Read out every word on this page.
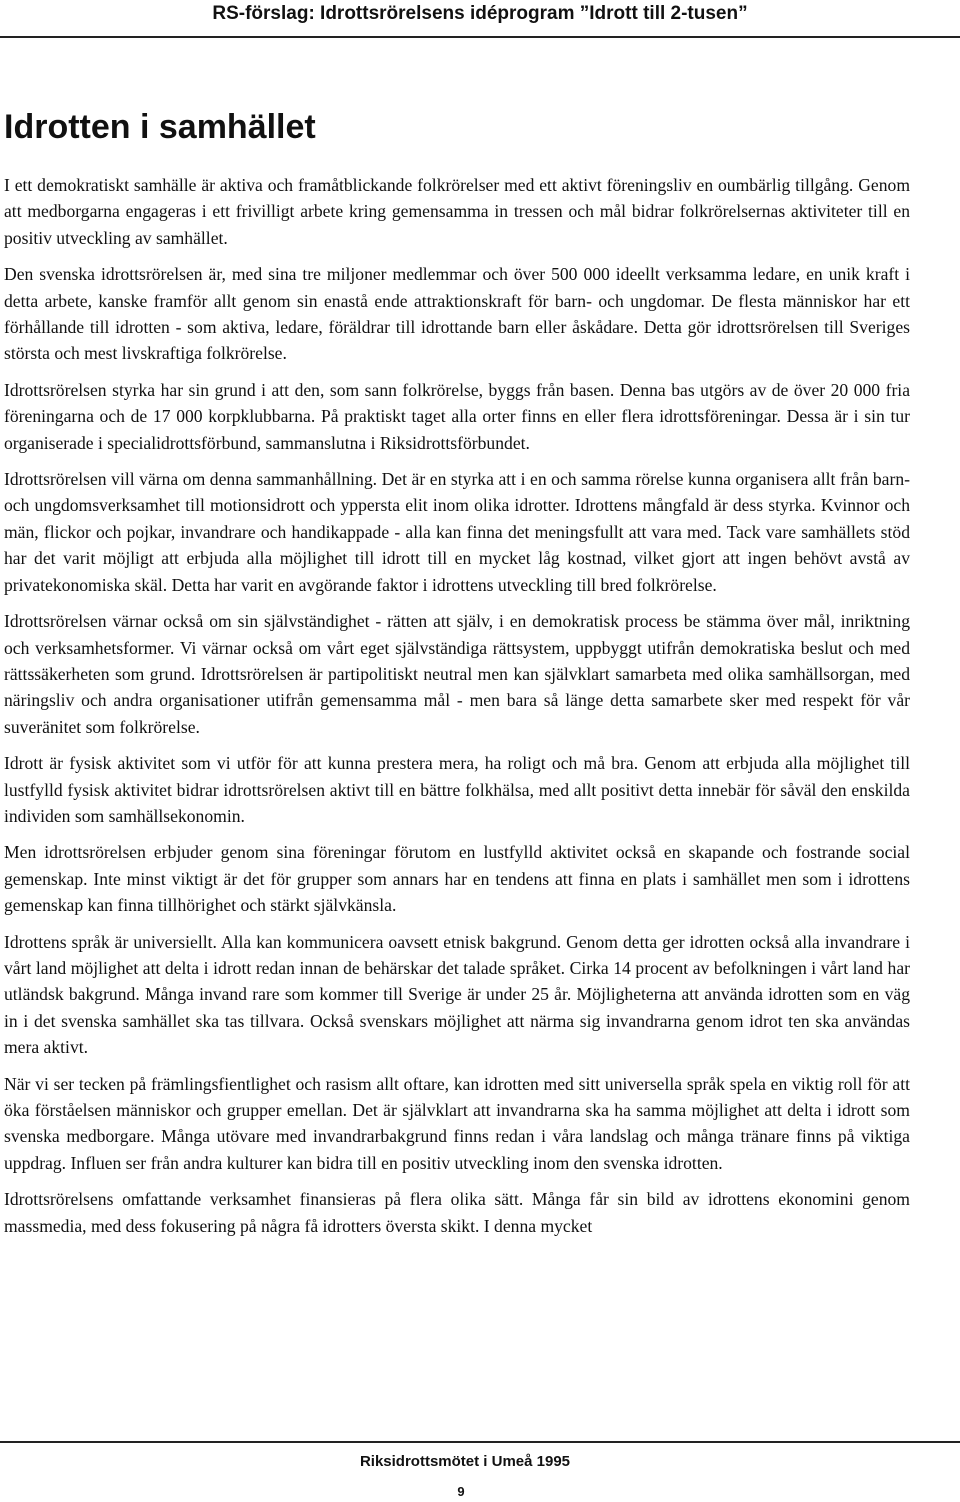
RS-förslag: Idrottsrörelsens idéprogram ”Idrott till 2-tusen”
Idrotten i samhället

I ett demokratiskt samhälle är aktiva och framåtblickande folkrörelser med ett aktivt föreningsliv en oumbärlig tillgång. Genom att medborgarna engageras i ett frivilligt arbete kring gemensamma in tressen och mål bidrar folkrörelsernas aktiviteter till en positiv utveckling av samhället.

Den svenska idrottsrörelsen är, med sina tre miljoner medlemmar och över 500 000 ideellt verksamma ledare, en unik kraft i detta arbete, kanske framför allt genom sin enastå ende attraktionskraft för barn- och ungdomar. De flesta människor har ett förhållande till idrotten - som aktiva, ledare, föräldrar till idrottande barn eller åskådare. Detta gör idrottsrörelsen till Sveriges största och mest livskraftiga folkrörelse.

Idrottsrörelsen styrka har sin grund i att den, som sann folkrörelse, byggs från basen. Denna bas utgörs av de över 20 000 fria föreningarna och de 17 000 korpklubbarna. På praktiskt taget alla orter finns en eller flera idrottsföreningar. Dessa är i sin tur organiserade i specialidrottsförbund, sammanslutna i Riksidrottsförbundet.

Idrottsrörelsen vill värna om denna sammanhållning. Det är en styrka att i en och samma rörelse kunna organisera allt från barn- och ungdomsverksamhet till motionsidrott och yppersta elit inom olika idrotter. Idrottens mångfald är dess styrka. Kvinnor och män, flickor och pojkar, invandrare och handikappade - alla kan finna det meningsfullt att vara med. Tack vare samhällets stöd har det varit möjligt att erbjuda alla möjlighet till idrott till en mycket låg kostnad, vilket gjort att ingen behövt avstå av privatekonomiska skäl. Detta har varit en avgörande faktor i idrottens utveckling till bred folkrörelse.

Idrottsrörelsen värnar också om sin självständighet - rätten att själv, i en demokratisk process be stämma över mål, inriktning och verksamhetsformer. Vi värnar också om vårt eget självständiga rättsystem, uppbyggt utifrån demokratiska beslut och med rättssäkerheten som grund. Idrottsrörelsen är partipolitiskt neutral men kan självklart samarbeta med olika samhällsorgan, med näringsliv och andra organisationer utifrån gemensamma mål - men bara så länge detta samarbete sker med respekt för vår suveränitet som folkrörelse.

Idrott är fysisk aktivitet som vi utför för att kunna prestera mera, ha roligt och må bra. Genom att erbjuda alla möjlighet till lustfylld fysisk aktivitet bidrar idrottsrörelsen aktivt till en bättre folkhälsa, med allt positivt detta innebär för såväl den enskilda individen som samhällsekonomin.

Men idrottsrörelsen erbjuder genom sina föreningar förutom en lustfylld aktivitet också en skapande och fostrande social gemenskap. Inte minst viktigt är det för grupper som annars har en tendens att finna en plats i samhället men som i idrottens gemenskap kan finna tillhörighet och stärkt självkänsla.

Idrottens språk är universiellt. Alla kan kommunicera oavsett etnisk bakgrund. Genom detta ger idrotten också alla invandrare i vårt land möjlighet att delta i idrott redan innan de behärskar det talade språket. Cirka 14 procent av befolkningen i vårt land har utländsk bakgrund. Många invand rare som kommer till Sverige är under 25 år. Möjligheterna att använda idrotten som en väg in i det svenska samhället ska tas tillvara. Också svenskars möjlighet att närma sig invandrarna genom idrot ten ska användas mera aktivt.

När vi ser tecken på främlingsfientlighet och rasism allt oftare, kan idrotten med sitt universella språk spela en viktig roll för att öka förståelsen människor och grupper emellan. Det är självklart att invandrarna ska ha samma möjlighet att delta i idrott som svenska medborgare. Många utövare med invandrarbakgrund finns redan i våra landslag och många tränare finns på viktiga uppdrag. Influen ser från andra kulturer kan bidra till en positiv utveckling inom den svenska idrotten.

Idrottsrörelsens omfattande verksamhet finansieras på flera olika sätt. Många får sin bild av idrottens ekonomini genom massmedia, med dess fokusering på några få idrotters översta skikt. I denna mycket

Riksidrottsmötet i Umeå 1995
9
